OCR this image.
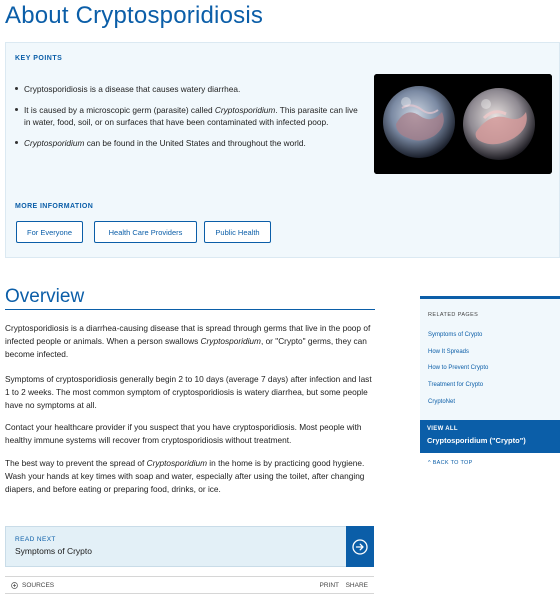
About Cryptosporidiosis
KEY POINTS
Cryptosporidiosis is a disease that causes watery diarrhea.
It is caused by a microscopic germ (parasite) called Cryptosporidium. This parasite can live in water, food, soil, or on surfaces that have been contaminated with infected poop.
Cryptosporidium can be found in the United States and throughout the world.
MORE INFORMATION
For Everyone	Health Care Providers	Public Health
Overview

Cryptosporidiosis is a diarrhea-causing disease that is spread through germs that live in the poop of infected people or animals. When a person swallows Cryptosporidium, or "Crypto" germs, they can become infected.

Symptoms of cryptosporidiosis generally begin 2 to 10 days (average 7 days) after infection and last 1 to 2 weeks. The most common symptom of cryptosporidiosis is watery diarrhea, but some people have no symptoms at all.

Contact your healthcare provider if you suspect that you have cryptosporidiosis. Most people with healthy immune systems will recover from cryptosporidiosis without treatment.

The best way to prevent the spread of Cryptosporidium in the home is by practicing good hygiene. Wash your hands at key times with soap and water, especially after using the toilet, after changing diapers, and before eating or preparing food, drinks, or ice.

READ NEXT
Symptoms of Crypto
SOURCES	PRINT SHARE
RELATED PAGES
Symptoms of Crypto
How It Spreads
How to Prevent Crypto
Treatment for Crypto
CryptoNet
VIEW ALL
Cryptosporidium ("Crypto")
^ BACK TO TOP
